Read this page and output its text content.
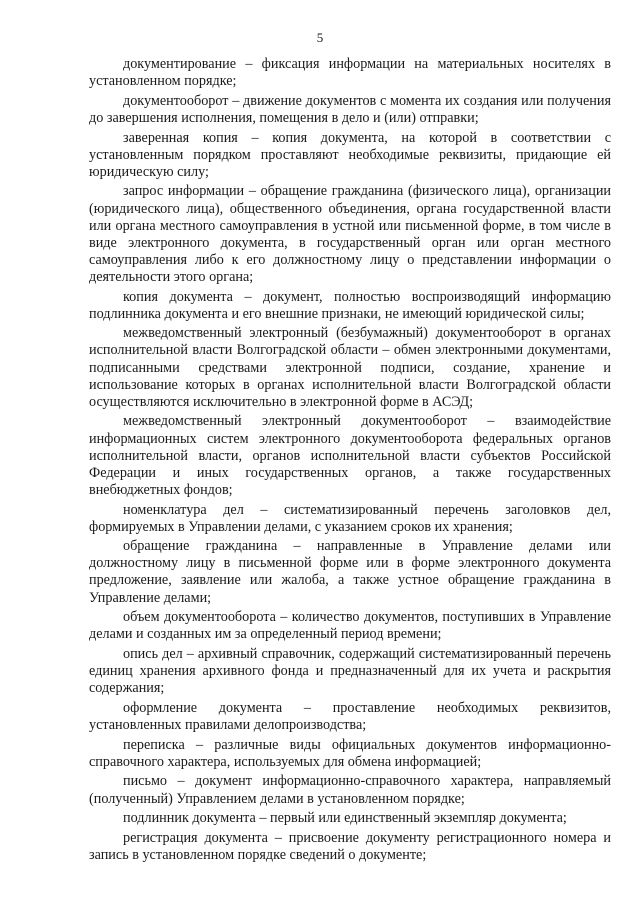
5

документирование – фиксация информации на материальных носителях в установленном порядке;

документооборот – движение документов с момента их создания или получения до завершения исполнения, помещения в дело и (или) отправки;

заверенная копия – копия документа, на которой в соответствии с установленным порядком проставляют необходимые реквизиты, придающие ей юридическую силу;

запрос информации – обращение гражданина (физического лица), организации (юридического лица), общественного объединения, органа государственной власти или органа местного самоуправления в устной или письменной форме, в том числе в виде электронного документа, в государственный орган или орган местного самоуправления либо к его должностному лицу о представлении информации о деятельности этого органа;

копия документа – документ, полностью воспроизводящий информацию подлинника документа и его внешние признаки, не имеющий юридической силы;

межведомственный электронный (безбумажный) документооборот в органах исполнительной власти Волгоградской области – обмен электронными документами, подписанными средствами электронной подписи, создание, хранение и использование которых в органах исполнительной власти Волгоградской области осуществляются исключительно в электронной форме в АСЭД;

межведомственный электронный документооборот – взаимодействие информационных систем электронного документооборота федеральных органов исполнительной власти, органов исполнительной власти субъектов Российской Федерации и иных государственных органов, а также государственных внебюджетных фондов;

номенклатура дел – систематизированный перечень заголовков дел, формируемых в Управлении делами, с указанием сроков их хранения;

обращение гражданина – направленные в Управление делами или должностному лицу в письменной форме или в форме электронного документа предложение, заявление или жалоба, а также устное обращение гражданина в Управление делами;

объем документооборота – количество документов, поступивших в Управление делами и созданных им за определенный период времени;

опись дел – архивный справочник, содержащий систематизированный перечень единиц хранения архивного фонда и предназначенный для их учета и раскрытия содержания;

оформление документа – проставление необходимых реквизитов, установленных правилами делопроизводства;

переписка – различные виды официальных документов информационно-справочного характера, используемых для обмена информацией;

письмо – документ информационно-справочного характера, направляемый (полученный) Управлением делами в установленном порядке;

подлинник документа – первый или единственный экземпляр документа;

регистрация документа – присвоение документу регистрационного номера и запись в установленном порядке сведений о документе;
